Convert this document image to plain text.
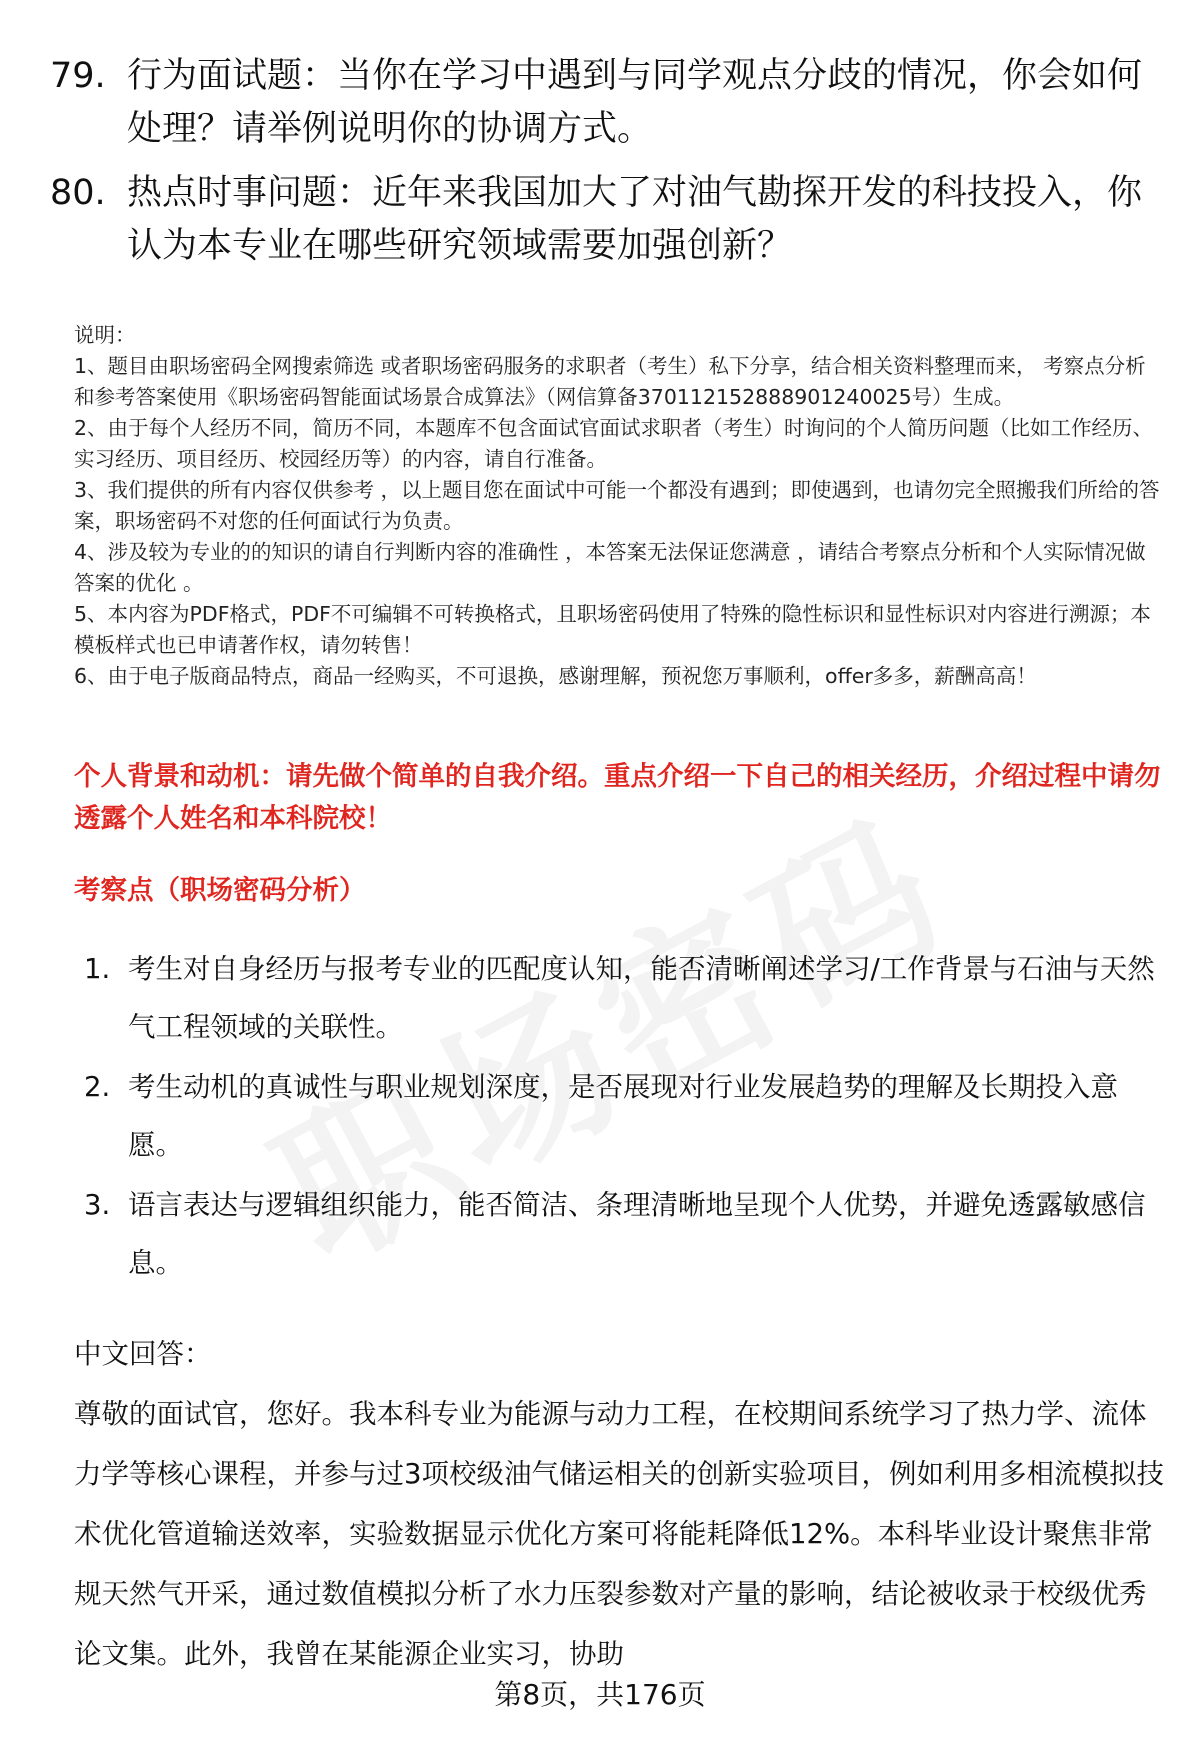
79. 行为面试题：当你在学习中遇到与同学观点分歧的情况，你会如何处理？请举例说明你的协调方式。
80. 热点时事问题：近年来我国加大了对油气勘探开发的科技投入，你认为本专业在哪些研究领域需要加强创新？

说明：

1、题目由职场密码全网搜索筛选 或者职场密码服务的求职者（考生）私下分享，结合相关资料整理而来， 考察点分析和参考答案使用《职场密码智能面试场景合成算法》（网信算备370112152888901240025号）生成。

2、由于每个人经历不同，简历不同，本题库不包含面试官面试求职者（考生）时询问的个人简历问题（比如工作经历、实习经历、项目经历、校园经历等）的内容，请自行准备。

3、我们提供的所有内容仅供参考 ，以上题目您在面试中可能一个都没有遇到；即使遇到，也请勿完全照搬我们所给的答案，职场密码不对您的任何面试行为负责。

4、涉及较为专业的的知识的请自行判断内容的准确性 ，本答案无法保证您满意 ，请结合考察点分析和个人实际情况做答案的优化 。

5、本内容为PDF格式，PDF不可编辑不可转换格式，且职场密码使用了特殊的隐性标识和显性标识对内容进行溯源；本模板样式也已申请著作权，请勿转售！

6、由于电子版商品特点，商品一经购买，不可退换，感谢理解，预祝您万事顺利，offer多多，薪酬高高！

个人背景和动机：请先做个简单的自我介绍。重点介绍一下自己的相关经历，介绍过程中请勿透露个人姓名和本科院校！
考察点（职场密码分析）
1. 考生对自身经历与报考专业的匹配度认知，能否清晰阐述学习/工作背景与石油与天然气工程领域的关联性。
2. 考生动机的真诚性与职业规划深度，是否展现对行业发展趋势的理解及长期投入意愿。
3. 语言表达与逻辑组织能力，能否简洁、条理清晰地呈现个人优势，并避免透露敏感信息。
中文回答：

尊敬的面试官，您好。我本科专业为能源与动力工程，在校期间系统学习了热力学、流体力学等核心课程，并参与过3项校级油气储运相关的创新实验项目，例如利用多相流模拟技术优化管道输送效率，实验数据显示优化方案可将能耗降低12%。本科毕业设计聚焦非常规天然气开采，通过数值模拟分析了水力压裂参数对产量的影响，结论被收录于校级优秀论文集。此外，我曾在某能源企业实习，协助

第8页，共176页
